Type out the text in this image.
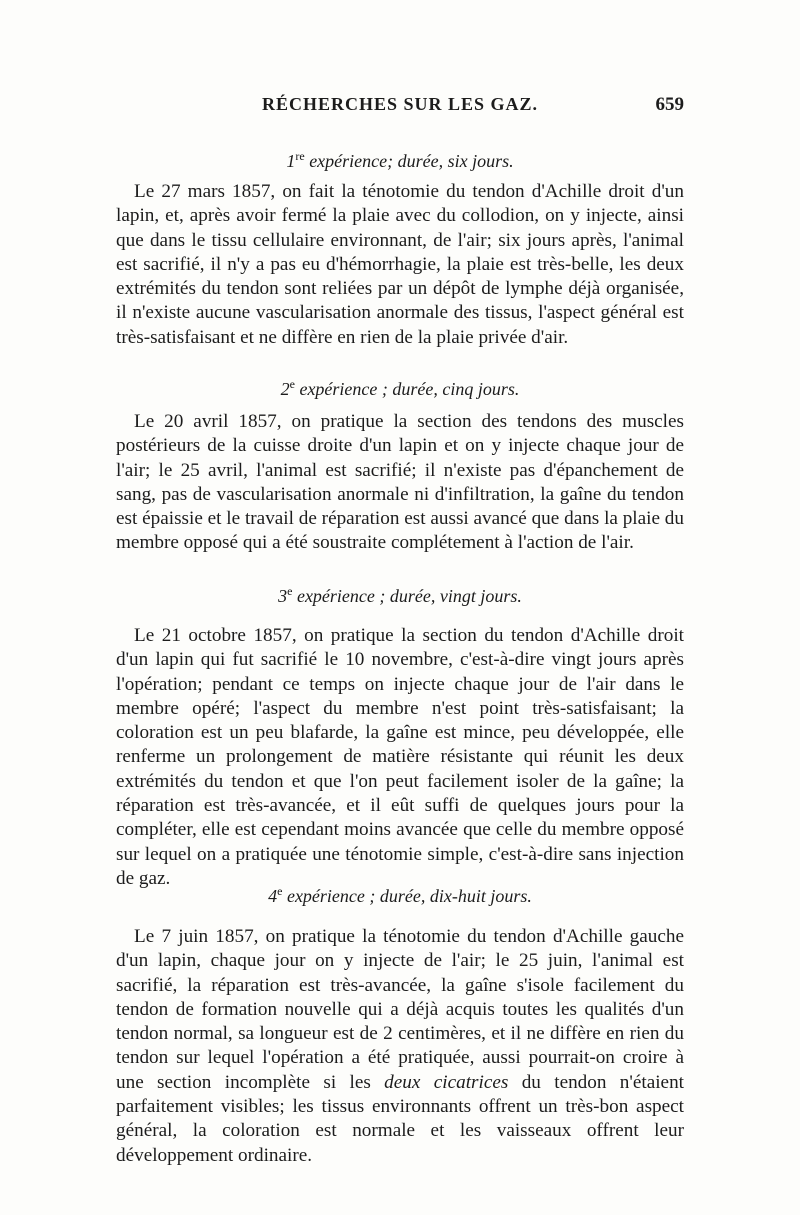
RÉCHERCHES SUR LES GAZ.	659
1re expérience; durée, six jours.

Le 27 mars 1857, on fait la ténotomie du tendon d'Achille droit d'un lapin, et, après avoir fermé la plaie avec du collodion, on y injecte, ainsi que dans le tissu cellulaire environnant, de l'air; six jours après, l'animal est sacrifié, il n'y a pas eu d'hémorrhagie, la plaie est très-belle, les deux extrémités du tendon sont reliées par un dépôt de lymphe déjà organisée, il n'existe aucune vascularisation anormale des tissus, l'aspect général est très-satisfaisant et ne diffère en rien de la plaie privée d'air.

2e expérience ; durée, cinq jours.

Le 20 avril 1857, on pratique la section des tendons des muscles postérieurs de la cuisse droite d'un lapin et on y injecte chaque jour de l'air; le 25 avril, l'animal est sacrifié; il n'existe pas d'épanchement de sang, pas de vascularisation anormale ni d'infiltration, la gaîne du tendon est épaissie et le travail de réparation est aussi avancé que dans la plaie du membre opposé qui a été soustraite complétement à l'action de l'air.

3e expérience ; durée, vingt jours.

Le 21 octobre 1857, on pratique la section du tendon d'Achille droit d'un lapin qui fut sacrifié le 10 novembre, c'est-à-dire vingt jours après l'opération; pendant ce temps on injecte chaque jour de l'air dans le membre opéré; l'aspect du membre n'est point très-satisfaisant; la coloration est un peu blafarde, la gaîne est mince, peu développée, elle renferme un prolongement de matière résistante qui réunit les deux extrémités du tendon et que l'on peut facilement isoler de la gaîne; la réparation est très-avancée, et il eût suffi de quelques jours pour la compléter, elle est cependant moins avancée que celle du membre opposé sur lequel on a pratiquée une ténotomie simple, c'est-à-dire sans injection de gaz.

4e expérience ; durée, dix-huit jours.

Le 7 juin 1857, on pratique la ténotomie du tendon d'Achille gauche d'un lapin, chaque jour on y injecte de l'air; le 25 juin, l'animal est sacrifié, la réparation est très-avancée, la gaîne s'isole facilement du tendon de formation nouvelle qui a déjà acquis toutes les qualités d'un tendon normal, sa longueur est de 2 centimères, et il ne diffère en rien du tendon sur lequel l'opération a été pratiquée, aussi pourrait-on croire à une section incomplète si les deux cicatrices du tendon n'étaient parfaitement visibles; les tissus environnants offrent un très-bon aspect général, la coloration est normale et les vaisseaux offrent leur développement ordinaire.
